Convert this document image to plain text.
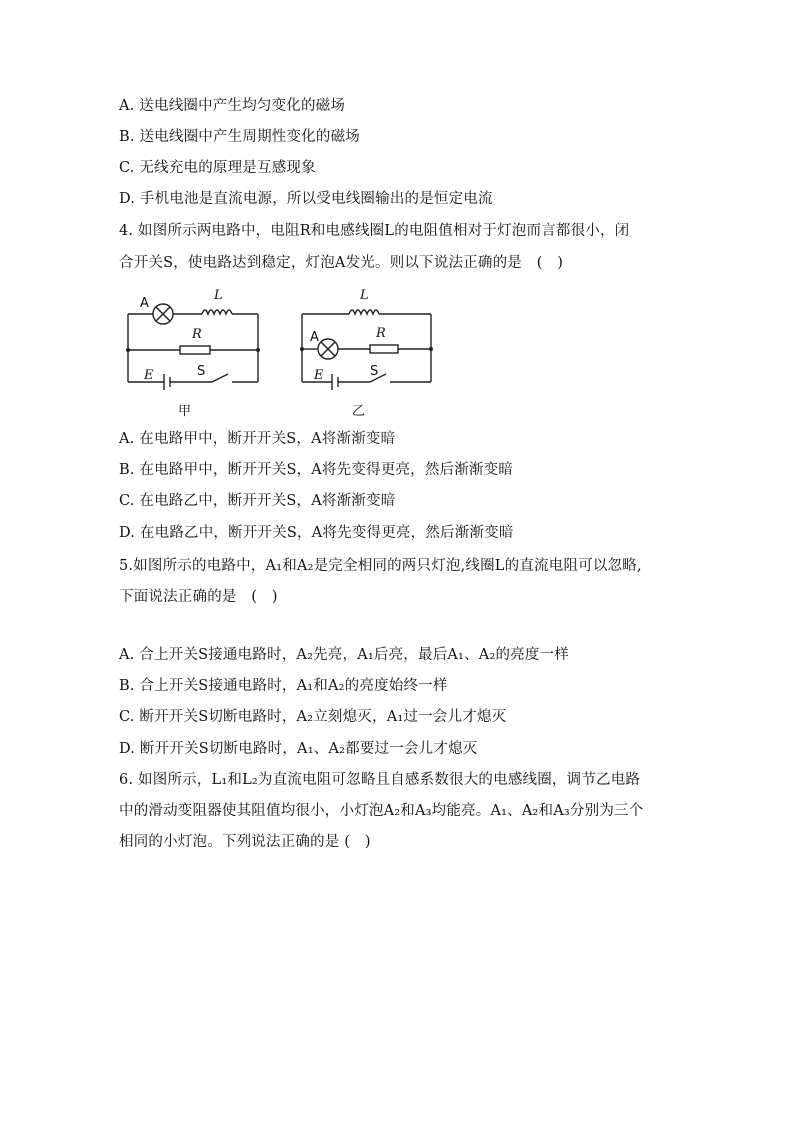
A. 送电线圈中产生均匀变化的磁场
B. 送电线圈中产生周期性变化的磁场
C. 无线充电的原理是互感现象
D. 手机电池是直流电源，所以受电线圈输出的是恒定电流
4. 如图所示两电路中，电阻R和电感线圈L的电阻值相对于灯泡而言都很小，闭
合开关S，使电路达到稳定，灯泡A发光。则以下说法正确的是　(　)
A
L
R
E	S
甲
A
L
R
E	S
乙
A. 在电路甲中，断开开关S，A将渐渐变暗
B. 在电路甲中，断开开关S，A将先变得更亮，然后渐渐变暗
C. 在电路乙中，断开开关S，A将渐渐变暗
D. 在电路乙中，断开开关S，A将先变得更亮，然后渐渐变暗
5.如图所示的电路中，A₁和A₂是完全相同的两只灯泡,线圈L的直流电阻可以忽略,
下面说法正确的是　(　)
A. 合上开关S接通电路时，A₂先亮，A₁后亮，最后A₁、A₂的亮度一样
B. 合上开关S接通电路时，A₁和A₂的亮度始终一样
C. 断开开关S切断电路时，A₂立刻熄灭，A₁过一会儿才熄灭
D. 断开开关S切断电路时，A₁、A₂都要过一会儿才熄灭
6. 如图所示，L₁和L₂为直流电阻可忽略且自感系数很大的电感线圈，调节乙电路
中的滑动变阻器使其阻值均很小，小灯泡A₂和A₃均能亮。A₁、A₂和A₃分别为三个
相同的小灯泡。下列说法正确的是 (　)
